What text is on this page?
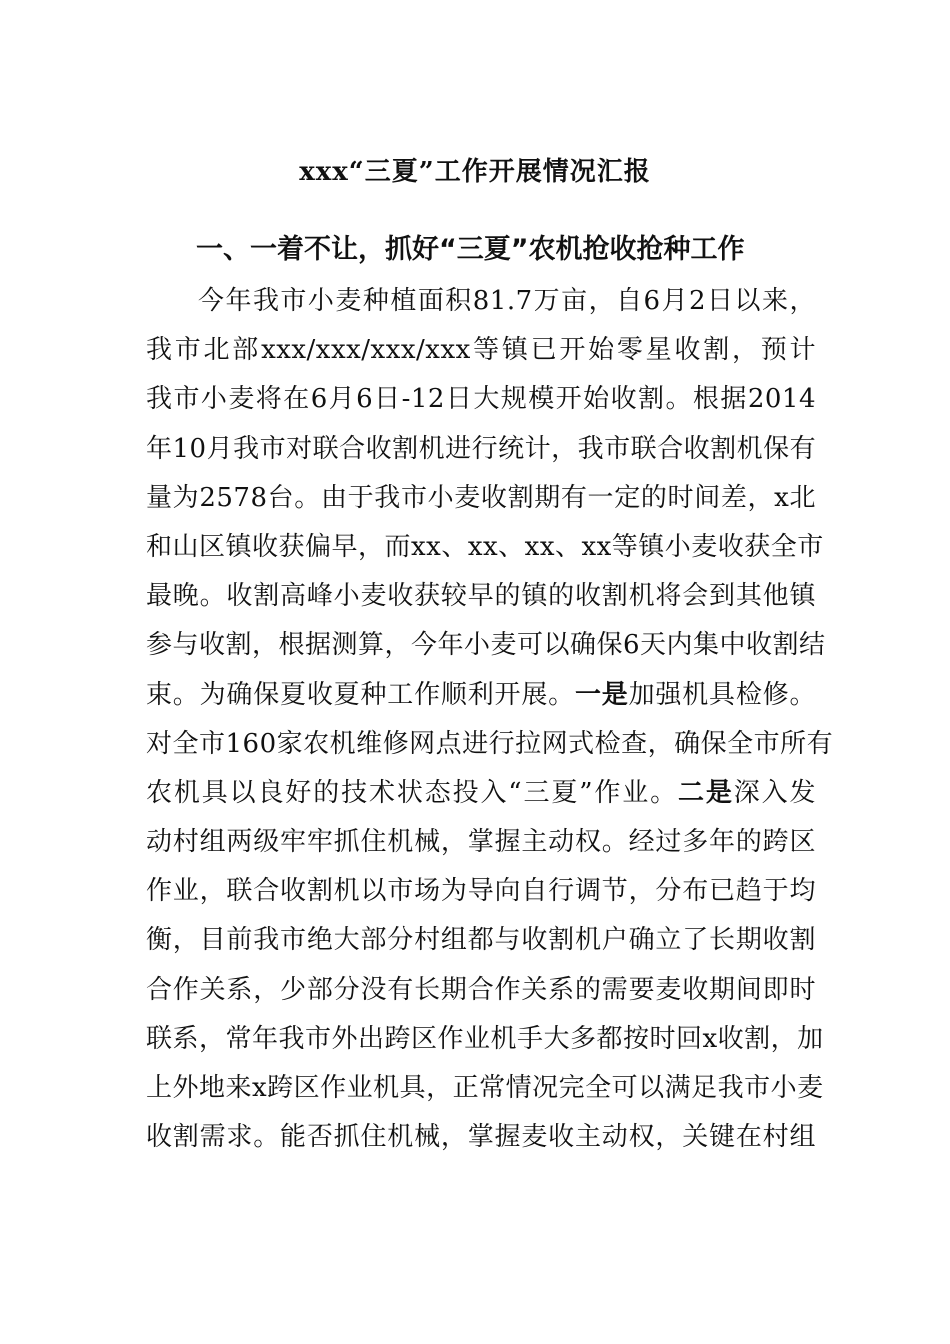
xxx“三夏”工作开展情况汇报
一、一着不让，抓好“三夏”农机抢收抢种工作
今年我市小麦种植面积81.7万亩，自6月2日以来，
我市北部xxx/xxx/xxx/xxx等镇已开始零星收割，预计
我市小麦将在6月6日-12日大规模开始收割。根据2014
年10月我市对联合收割机进行统计，我市联合收割机保有
量为2578台。由于我市小麦收割期有一定的时间差，x北
和山区镇收获偏早，而xx、xx、xx、xx等镇小麦收获全市
最晚。收割高峰小麦收获较早的镇的收割机将会到其他镇
参与收割，根据测算，今年小麦可以确保6天内集中收割结
束。为确保夏收夏种工作顺利开展。一是加强机具检修。
对全市160家农机维修网点进行拉网式检查，确保全市所有
农机具以良好的技术状态投入“三夏”作业。二是深入发
动村组两级牢牢抓住机械，掌握主动权。经过多年的跨区
作业，联合收割机以市场为导向自行调节，分布已趋于均
衡，目前我市绝大部分村组都与收割机户确立了长期收割
合作关系，少部分没有长期合作关系的需要麦收期间即时
联系，常年我市外出跨区作业机手大多都按时回x收割，加
上外地来x跨区作业机具，正常情况完全可以满足我市小麦
收割需求。能否抓住机械，掌握麦收主动权，关键在村组
